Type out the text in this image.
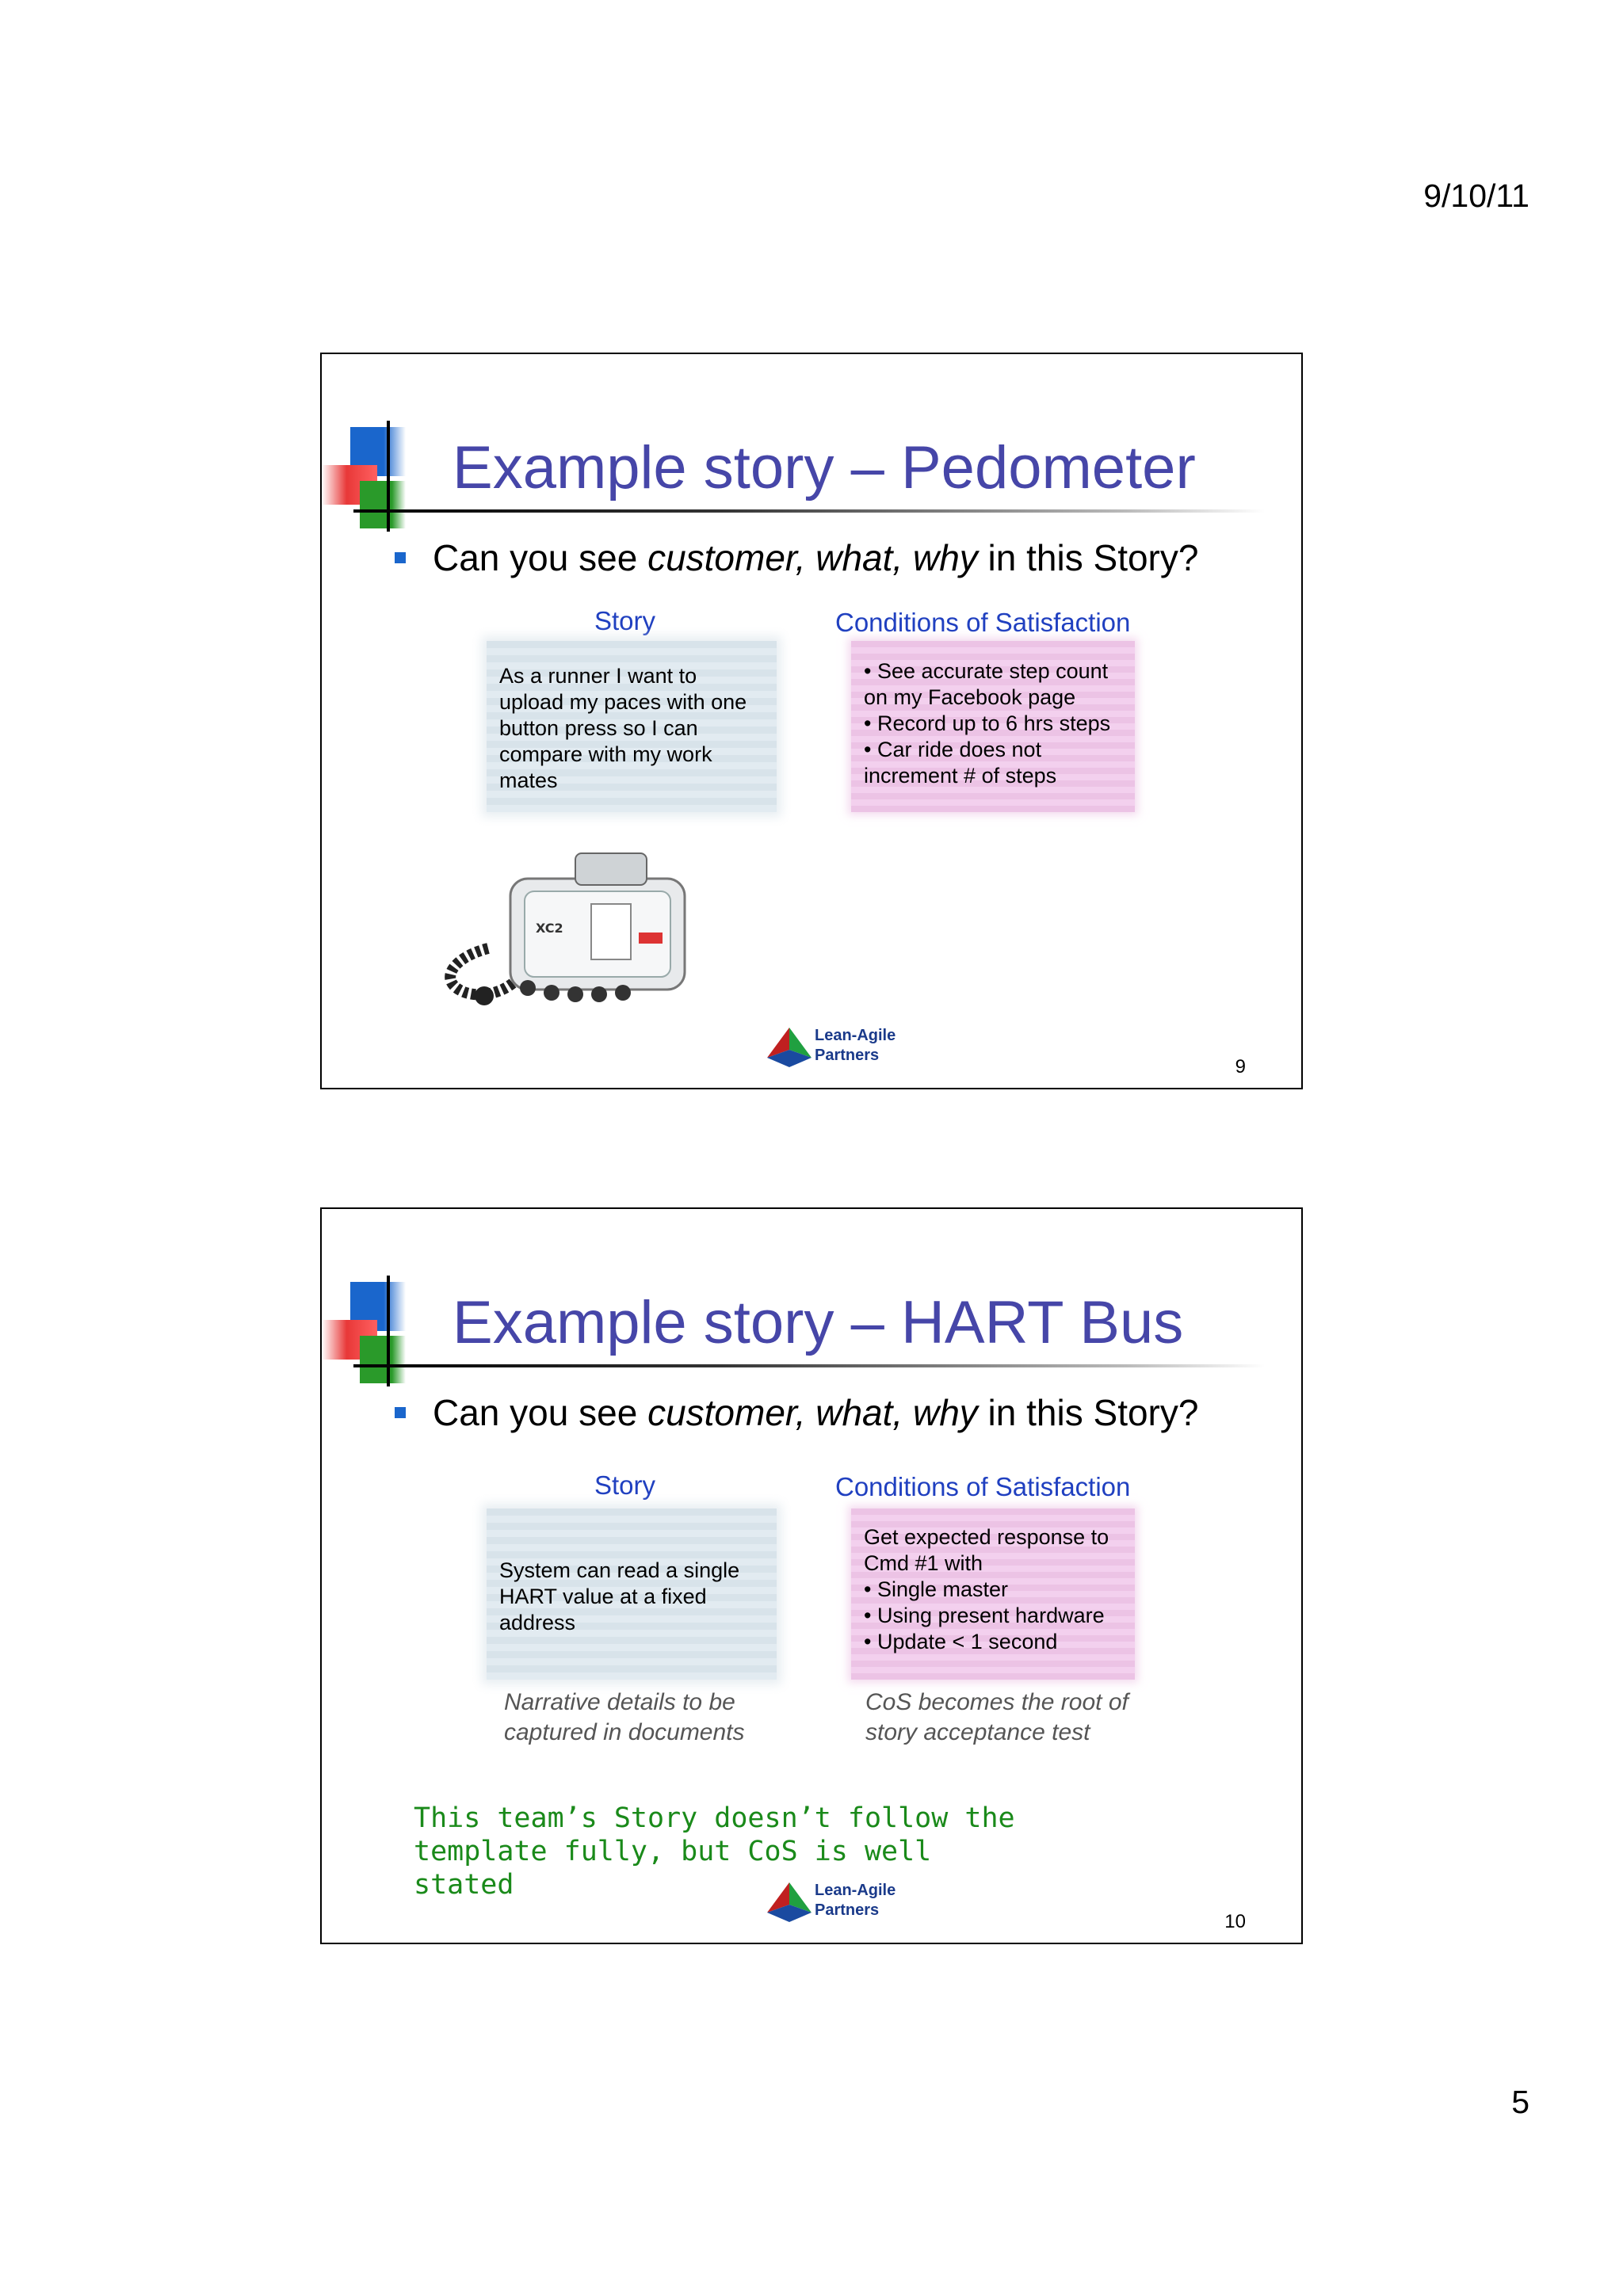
9/10/11
Example story – Pedometer
Can you see customer, what, why in this Story?
Story	Conditions of Satisfaction

As a runner I want to upload my paces with one button press so I can compare with my work mates

• See accurate step count on my Facebook page

• Record up to 6 hrs steps

• Car ride does not increment # of steps

XC2
Lean-Agile
Partners
9
Example story – HART Bus
Can you see customer, what, why in this Story?
Story	Conditions of Satisfaction

System can read a single HART value at a fixed address

Get expected response to Cmd #1 with

• Single master

• Using present hardware

• Update < 1 second

Narrative details to be captured in documents
CoS becomes the root of story acceptance test
This team’s Story doesn’t follow the template fully, but CoS is well stated	Lean-Agile
Partners
10
5
